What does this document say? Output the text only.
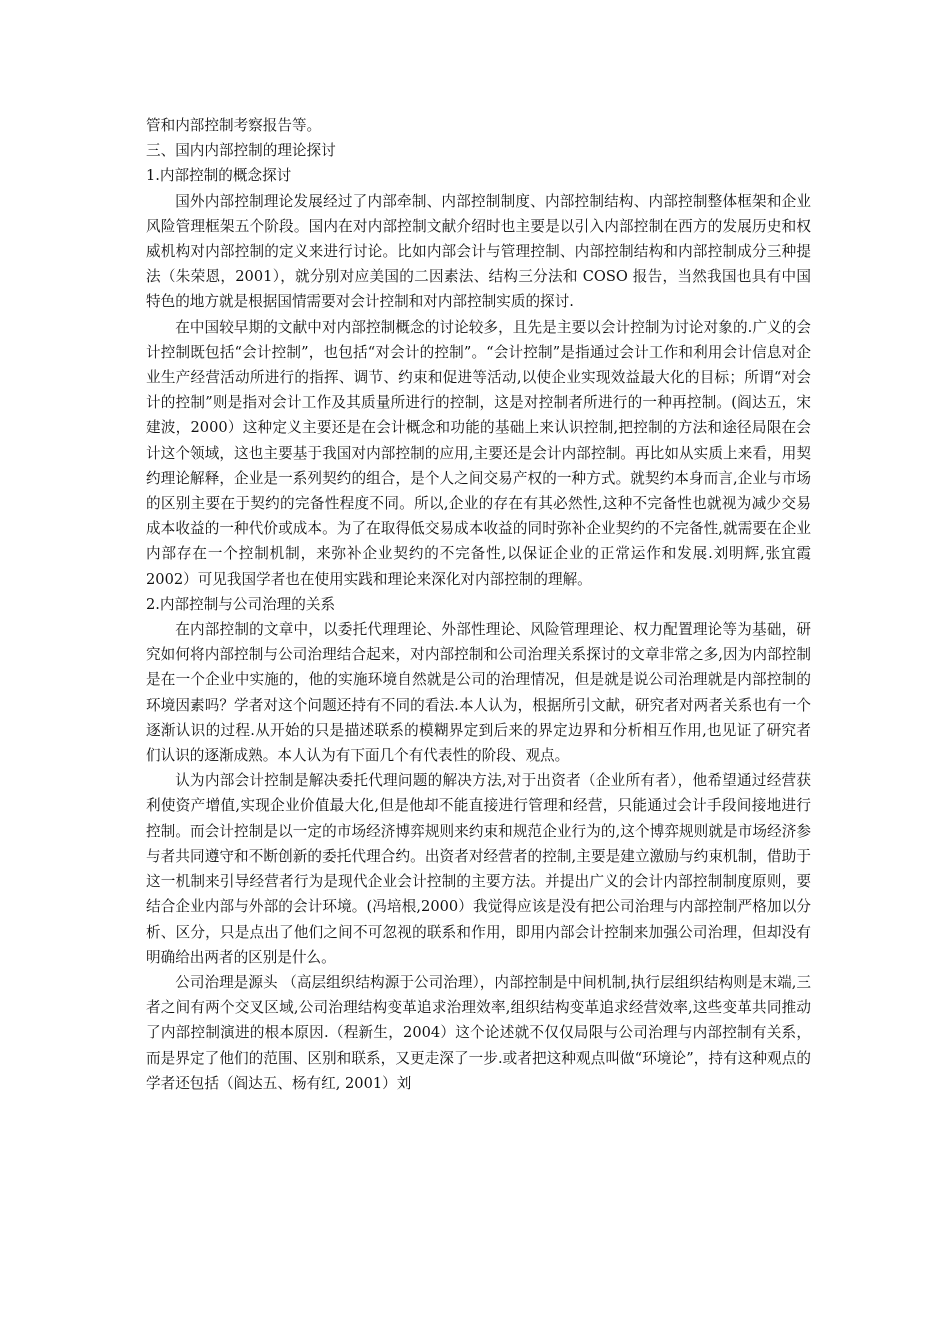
管和内部控制考察报告等。

三、国内内部控制的理论探讨

1.内部控制的概念探讨

国外内部控制理论发展经过了内部牵制、内部控制制度、内部控制结构、内部控制整体框架和企业风险管理框架五个阶段。国内在对内部控制文献介绍时也主要是以引入内部控制在西方的发展历史和权威机构对内部控制的定义来进行讨论。比如内部会计与管理控制、内部控制结构和内部控制成分三种提法（朱荣恩，2001），就分别对应美国的二因素法、结构三分法和 COSO 报告，当然我国也具有中国特色的地方就是根据国情需要对会计控制和对内部控制实质的探讨.

在中国较早期的文献中对内部控制概念的讨论较多，且先是主要以会计控制为讨论对象的.广义的会计控制既包括“会计控制”，也包括“对会计的控制”。“会计控制”是指通过会计工作和利用会计信息对企业生产经营活动所进行的指挥、调节、约束和促进等活动,以使企业实现效益最大化的目标；所谓“对会计的控制”则是指对会计工作及其质量所进行的控制，这是对控制者所进行的一种再控制。(阎达五，宋建波，2000）这种定义主要还是在会计概念和功能的基础上来认识控制,把控制的方法和途径局限在会计这个领域，这也主要基于我国对内部控制的应用,主要还是会计内部控制。再比如从实质上来看，用契约理论解释，企业是一系列契约的组合，是个人之间交易产权的一种方式。就契约本身而言,企业与市场的区别主要在于契约的完备性程度不同。所以,企业的存在有其必然性,这种不完备性也就视为减少交易成本收益的一种代价或成本。为了在取得低交易成本收益的同时弥补企业契约的不完备性,就需要在企业内部存在一个控制机制，来弥补企业契约的不完备性,以保证企业的正常运作和发展.刘明辉,张宜霞 2002）可见我国学者也在使用实践和理论来深化对内部控制的理解。

2.内部控制与公司治理的关系

在内部控制的文章中，以委托代理理论、外部性理论、风险管理理论、权力配置理论等为基础，研究如何将内部控制与公司治理结合起来，对内部控制和公司治理关系探讨的文章非常之多,因为内部控制是在一个企业中实施的，他的实施环境自然就是公司的治理情况，但是就是说公司治理就是内部控制的环境因素吗？学者对这个问题还持有不同的看法.本人认为，根据所引文献，研究者对两者关系也有一个逐渐认识的过程.从开始的只是描述联系的模糊界定到后来的界定边界和分析相互作用,也见证了研究者们认识的逐渐成熟。本人认为有下面几个有代表性的阶段、观点。

认为内部会计控制是解决委托代理问题的解决方法,对于出资者（企业所有者），他希望通过经营获利使资产增值,实现企业价值最大化,但是他却不能直接进行管理和经营，只能通过会计手段间接地进行控制。而会计控制是以一定的市场经济博弈规则来约束和规范企业行为的,这个博弈规则就是市场经济参与者共同遵守和不断创新的委托代理合约。出资者对经营者的控制,主要是建立激励与约束机制，借助于这一机制来引导经营者行为是现代企业会计控制的主要方法。并提出广义的会计内部控制制度原则，要结合企业内部与外部的会计环境。(冯培根,2000）我觉得应该是没有把公司治理与内部控制严格加以分析、区分，只是点出了他们之间不可忽视的联系和作用，即用内部会计控制来加强公司治理，但却没有明确给出两者的区别是什么。

公司治理是源头 （高层组织结构源于公司治理），内部控制是中间机制,执行层组织结构则是末端,三者之间有两个交叉区域,公司治理结构变革追求治理效率,组织结构变革追求经营效率,这些变革共同推动了内部控制演进的根本原因.（程新生，2004）这个论述就不仅仅局限与公司治理与内部控制有关系，而是界定了他们的范围、区别和联系，又更走深了一步.或者把这种观点叫做“环境论”，持有这种观点的学者还包括（阎达五、杨有红, 2001）刘
